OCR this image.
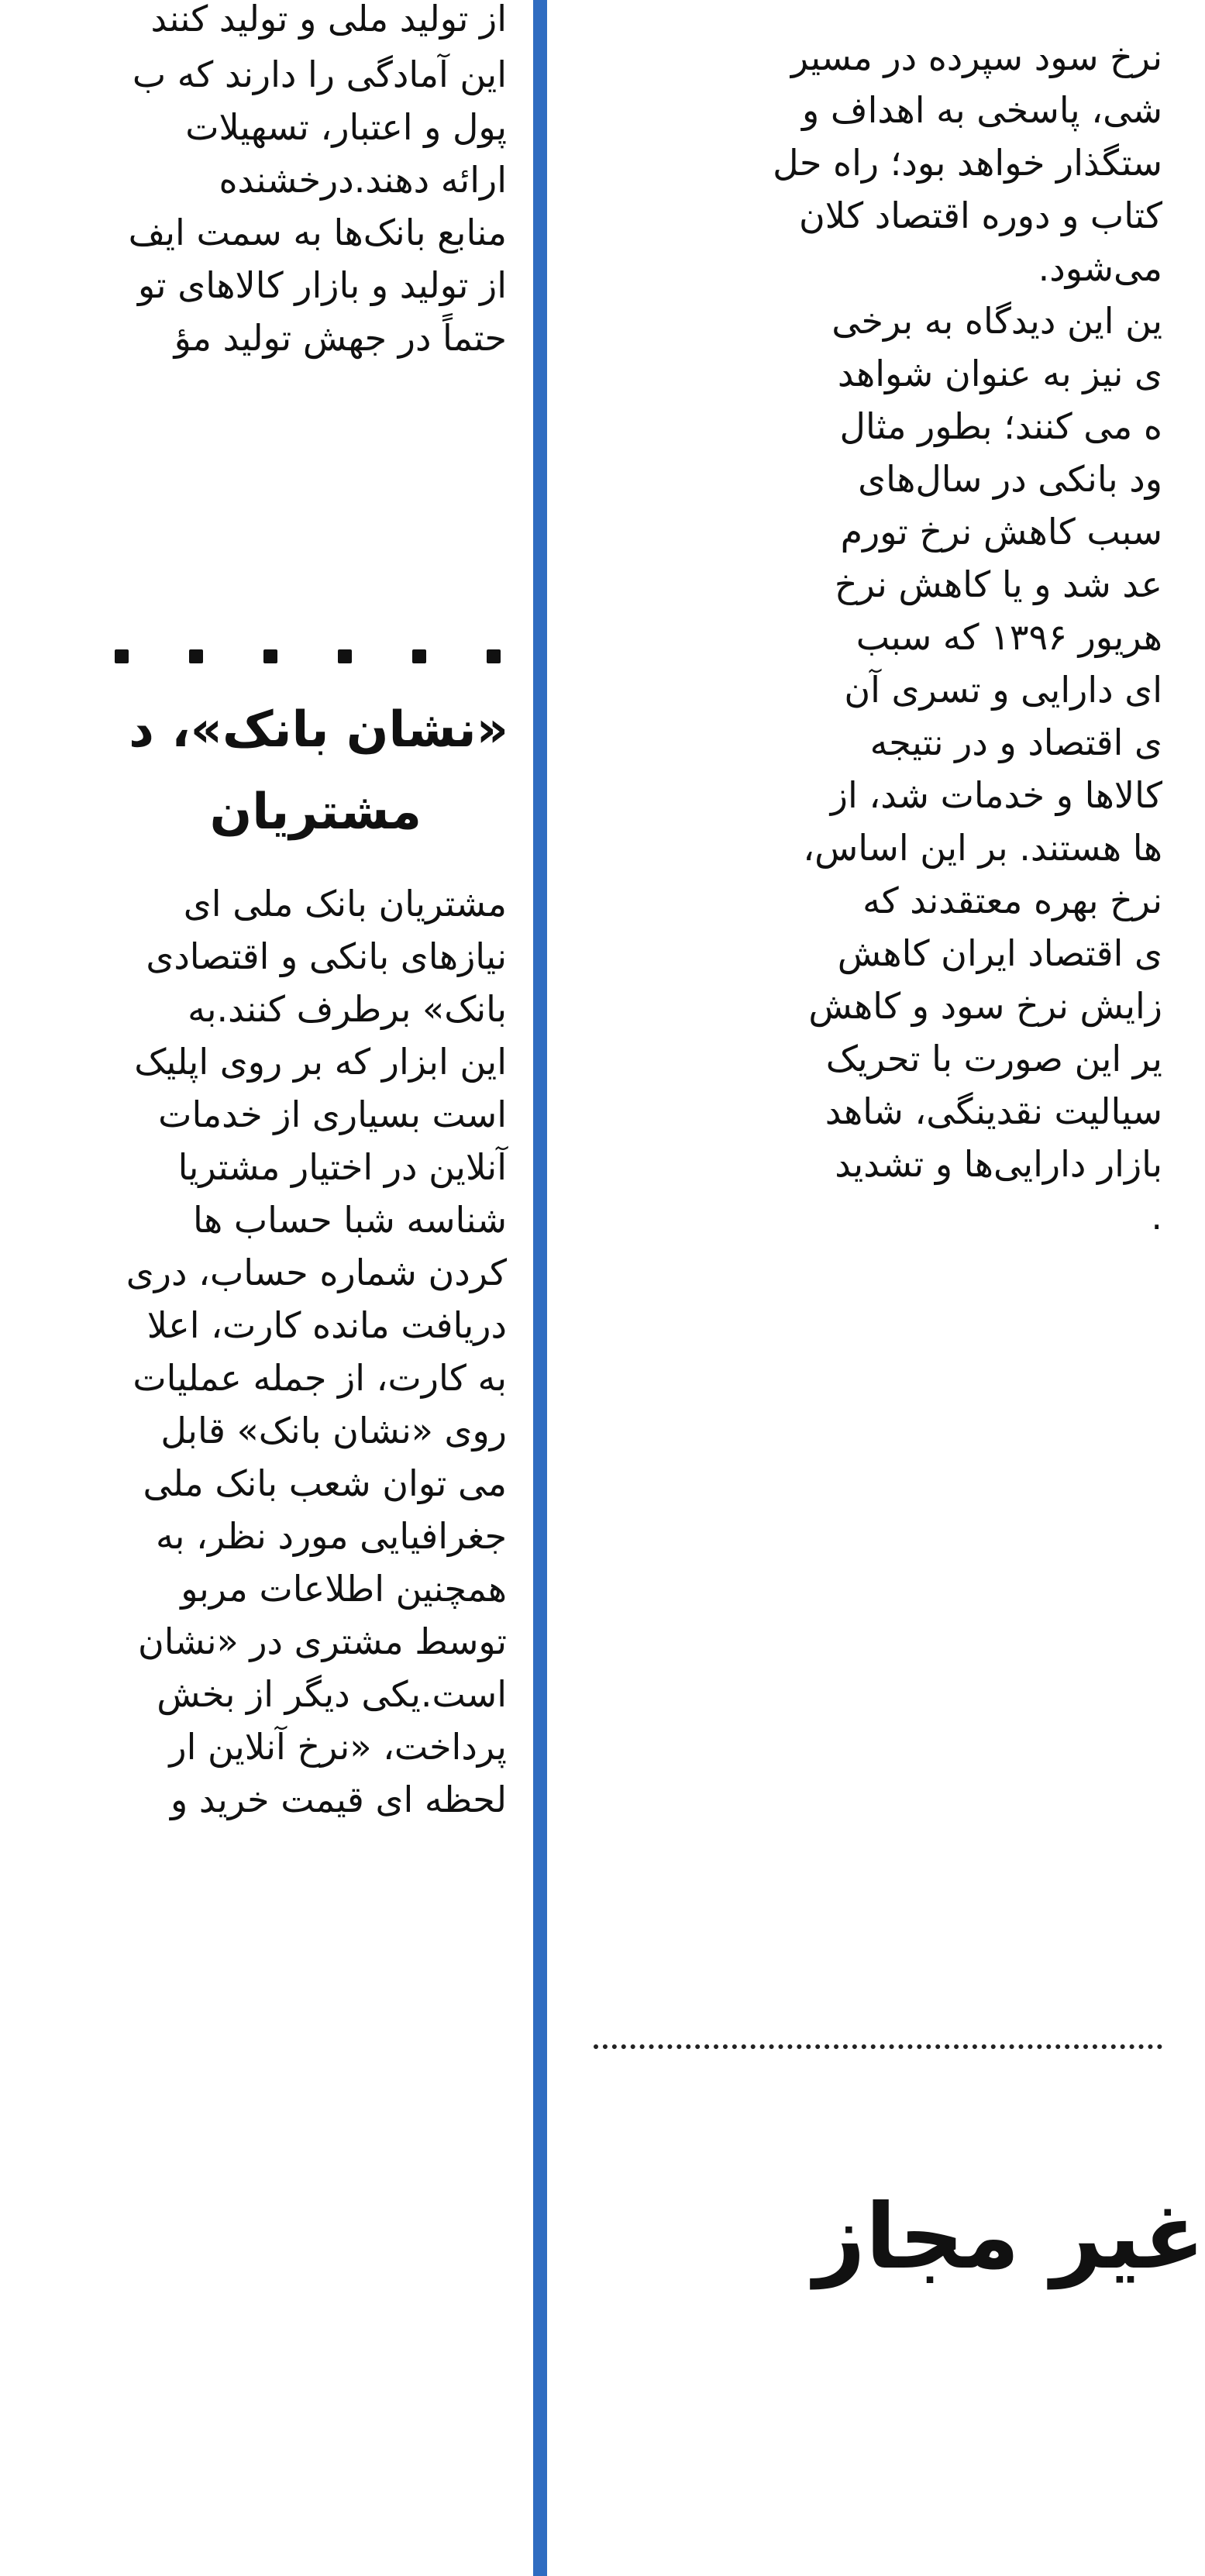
از تولید ملی و تولید کنند
این آمادگی را دارند که ب
پول و اعتبار، تسهیلات
ارائه دهند.درخشنده
منابع بانک‌ها به سمت ایف
از تولید و بازار کالاهای تو
حتماً در جهش تولید مؤ
«نشان بانک»، د
مشتریان
مشتریان بانک ملی ای
نیازهای بانکی و اقتصادی
بانک» برطرف کنند.به
این ابزار که بر روی اپلیک
است بسیاری از خدمات
آنلاین در اختیار مشتریا
شناسه شبا حساب ها
کردن شماره حساب، دری
دریافت مانده کارت، اعلا
به کارت، از جمله عملیات
روی «نشان بانک» قابل
می توان شعب بانک ملی
جغرافیایی مورد نظر، به
همچنین اطلاعات مربو
توسط مشتری در «نشان
است.یکی دیگر از بخش
پرداخت، «نرخ آنلاین ار
لحظه ای قیمت خرید و
نرخ سود سپرده در مسیر
شی، پاسخی به اهداف و
ستگذار خواهد بود؛ راه حل
کتاب و دوره اقتصاد کلان
می‌شود.
ین این دیدگاه به برخی
ی نیز به عنوان شواهد
ه می کنند؛ بطور مثال
ود بانکی در سال‌های
سبب کاهش نرخ تورم
عد شد و یا کاهش نرخ
هریور ۱۳۹۶ که سبب
ای دارایی و تسری آن
ی اقتصاد و در نتیجه
کالاها و خدمات شد، از
ها هستند. بر این اساس،
نرخ بهره معتقدند که
ی اقتصاد ایران کاهش
زایش نرخ سود و کاهش
یر این صورت با تحریک
سیالیت نقدینگی، شاهد
بازار دارایی‌ها و تشدید
.
غیر مجاز
